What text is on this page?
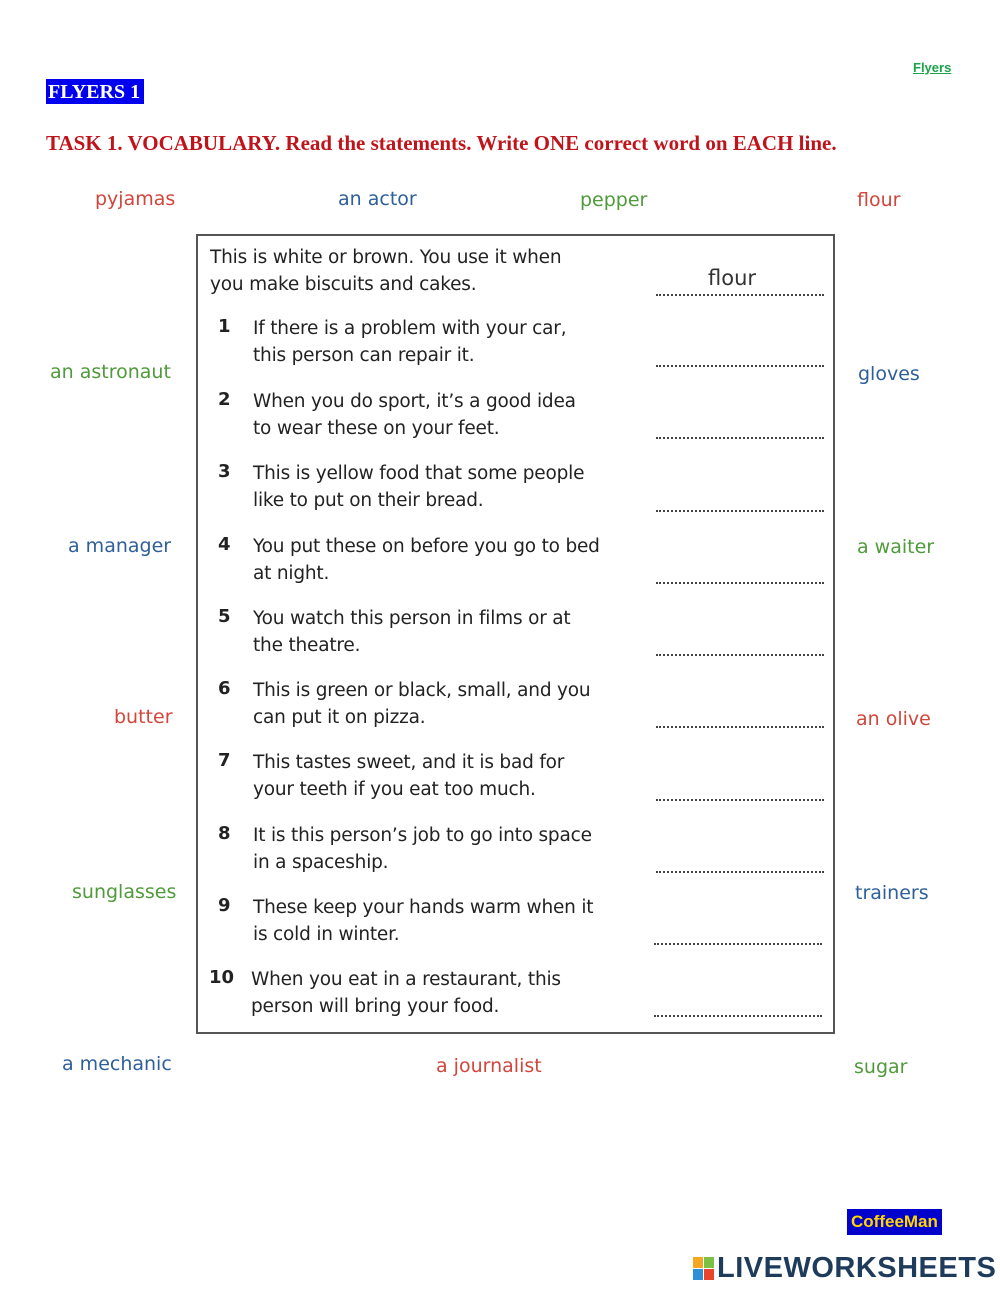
Flyers
FLYERS 1
TASK 1. VOCABULARY. Read the statements. Write ONE correct word on EACH line.
pyjamas	an actor	pepper	flour
an astronaut	gloves
a manager	a waiter
butter	an olive
sunglasses	trainers
a mechanic	a journalist	sugar
This is white or brown. You use it when
you make biscuits and cakes.	flour
1	If there is a problem with your car,
this person can repair it.
2	When you do sport, it’s a good idea
to wear these on your feet.
3	This is yellow food that some people
like to put on their bread.
4	You put these on before you go to bed
at night.
5	You watch this person in films or at
the theatre.
6	This is green or black, small, and you
can put it on pizza.
7	This tastes sweet, and it is bad for
your teeth if you eat too much.
8	It is this person’s job to go into space
in a spaceship.
9	These keep your hands warm when it
is cold in winter.
10 When you eat in a restaurant, this
person will bring your food.
CoffeeMan
LIVEWORKSHEETS
